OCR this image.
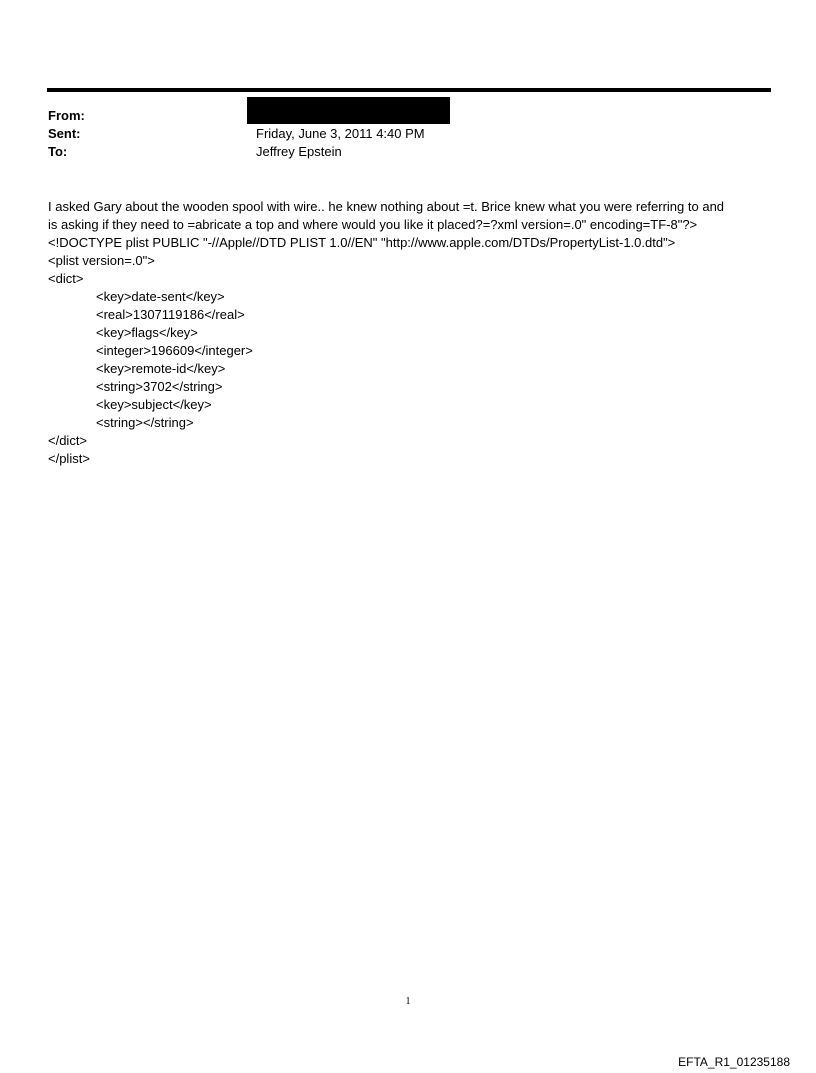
From:
Sent:	Friday, June 3, 2011 4:40 PM
To:	Jeffrey Epstein
I asked Gary about the wooden spool with wire.. he knew nothing about =t. Brice knew what you were referring to and
is asking if they need to =abricate a top and where would you like it placed?=?xml version=.0" encoding=TF-8"?>
<!DOCTYPE plist PUBLIC "-//Apple//DTD PLIST 1.0//EN" "http://www.apple.com/DTDs/PropertyList-1.0.dtd">
<plist version=.0">
<dict>
<key>date-sent</key>
<real>1307119186</real>
<key>flags</key>
<integer>196609</integer>
<key>remote-id</key>
<string>3702</string>
<key>subject</key>
<string></string>
</dict>
</plist>
1
EFTA_R1_01235188
